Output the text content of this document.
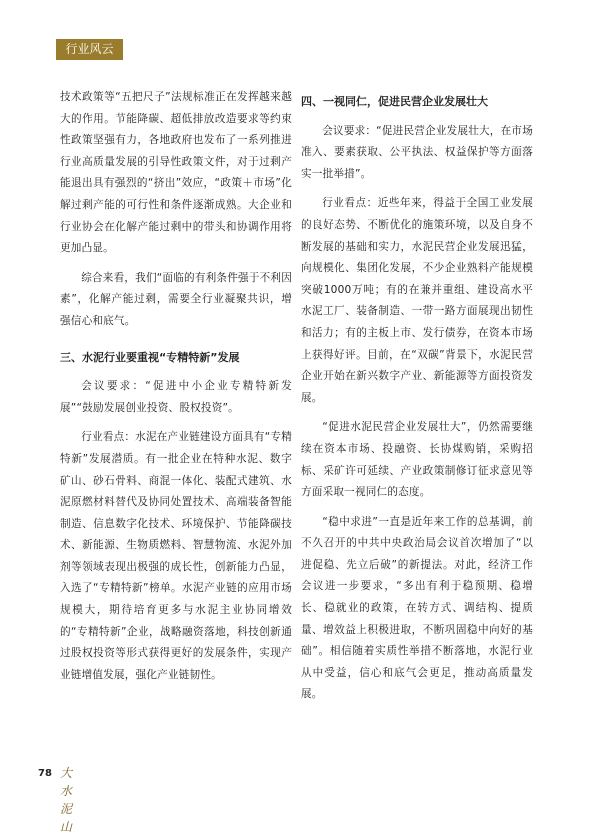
行业风云

技术政策等“五把尺子”法规标准正在发挥越来越大的作用。节能降碳、超低排放改造要求等约束性政策坚强有力，各地政府也发布了一系列推进行业高质量发展的引导性政策文件，对于过剩产能退出具有强烈的“挤出”效应，“政策＋市场”化解过剩产能的可行性和条件逐渐成熟。大企业和行业协会在化解产能过剩中的带头和协调作用将更加凸显。

综合来看，我们“面临的有利条件强于不利因素”，化解产能过剩，需要全行业凝聚共识，增强信心和底气。

三、水泥行业要重视“专精特新”发展

会议要求：“促进中小企业专精特新发展”“鼓励发展创业投资、股权投资”。

行业看点：水泥在产业链建设方面具有“专精特新”发展潜质。有一批企业在特种水泥、数字矿山、砂石骨料、商混一体化、装配式建筑、水泥原燃材料替代及协同处置技术、高端装备智能制造、信息数字化技术、环境保护、节能降碳技术、新能源、生物质燃料、智慧物流、水泥外加剂等领域表现出极强的成长性，创新能力凸显，入选了“专精特新”榜单。水泥产业链的应用市场规模大，期待培育更多与水泥主业协同增效的“专精特新”企业，战略融资落地，科技创新通过股权投资等形式获得更好的发展条件，实现产业链增值发展，强化产业链韧性。

四、一视同仁，促进民营企业发展壮大

会议要求：“促进民营企业发展壮大，在市场准入、要素获取、公平执法、权益保护等方面落实一批举措”。

行业看点：近些年来，得益于全国工业发展的良好态势、不断优化的施策环境，以及自身不断发展的基础和实力，水泥民营企业发展迅猛，向规模化、集团化发展，不少企业熟料产能规模突破1000万吨；有的在兼并重组、建设高水平水泥工厂、装备制造、一带一路方面展现出韧性和活力；有的主板上市、发行债券，在资本市场上获得好评。目前，在“双碳”背景下，水泥民营企业开始在新兴数字产业、新能源等方面投资发展。

“促进水泥民营企业发展壮大”，仍然需要继续在资本市场、投融资、长协煤购销，采购招标、采矿许可延续、产业政策制修订征求意见等方面采取一视同仁的态度。

“稳中求进”一直是近年来工作的总基调，前不久召开的中共中央政治局会议首次增加了“以进促稳、先立后破”的新提法。对此，经济工作会议进一步要求，“多出有利于稳预期、稳增长、稳就业的政策，在转方式、调结构、提质量、增效益上积极进取，不断巩固稳中向好的基础”。相信随着实质性举措不断落地，水泥行业从中受益，信心和底气会更足，推动高质量发展。

78 大水泥山
